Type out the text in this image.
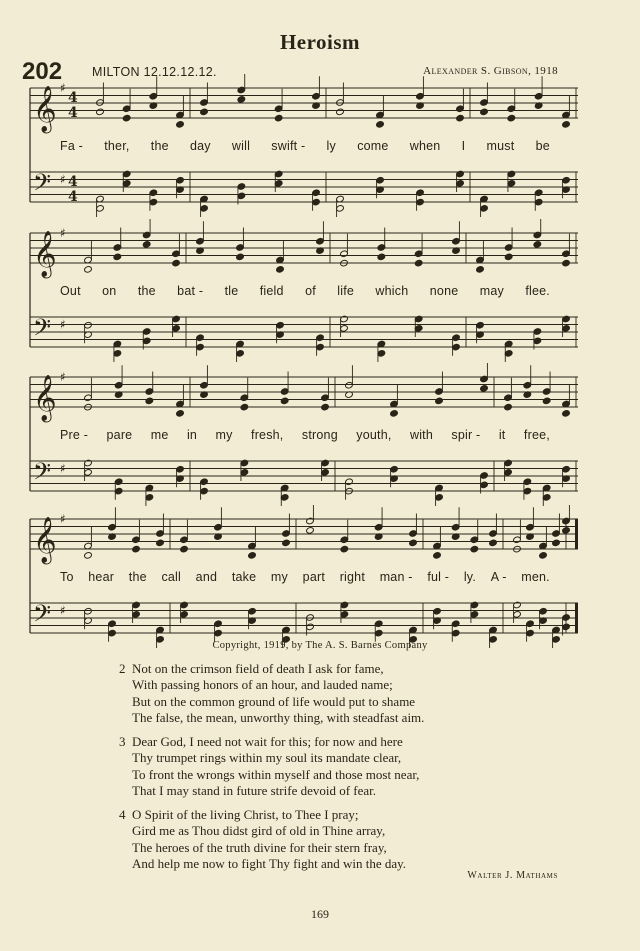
Heroism
202 MILTON 12.12.12.12.	Alexander S. Gibson, 1918
𝄞
𝄢
♯
♯
4
4
4
4
Fa - ther, the day will swift - ly come when I must be
𝄞
𝄢
♯
♯
Out on the bat - tle field of life which none may flee.
𝄞
𝄢
♯
♯
Pre - pare me in my fresh, strong youth, with spir - it free,
𝄞
𝄢
♯
♯
To hear the call and take my part right man - ful - ly. A - men.
Copyright, 1919, by The A. S. Barnes Company
2 Not on the crimson field of death I ask for fame,
With passing honors of an hour, and lauded name;
But on the common ground of life would put to shame
The false, the mean, unworthy thing, with steadfast aim.
3 Dear God, I need not wait for this; for now and here
Thy trumpet rings within my soul its mandate clear,
To front the wrongs within myself and those most near,
That I may stand in future strife devoid of fear.
4 O Spirit of the living Christ, to Thee I pray;
Gird me as Thou didst gird of old in Thine array,
The heroes of the truth divine for their stern fray,
And help me now to fight Thy fight and win the day.
Walter J. Mathams
169
